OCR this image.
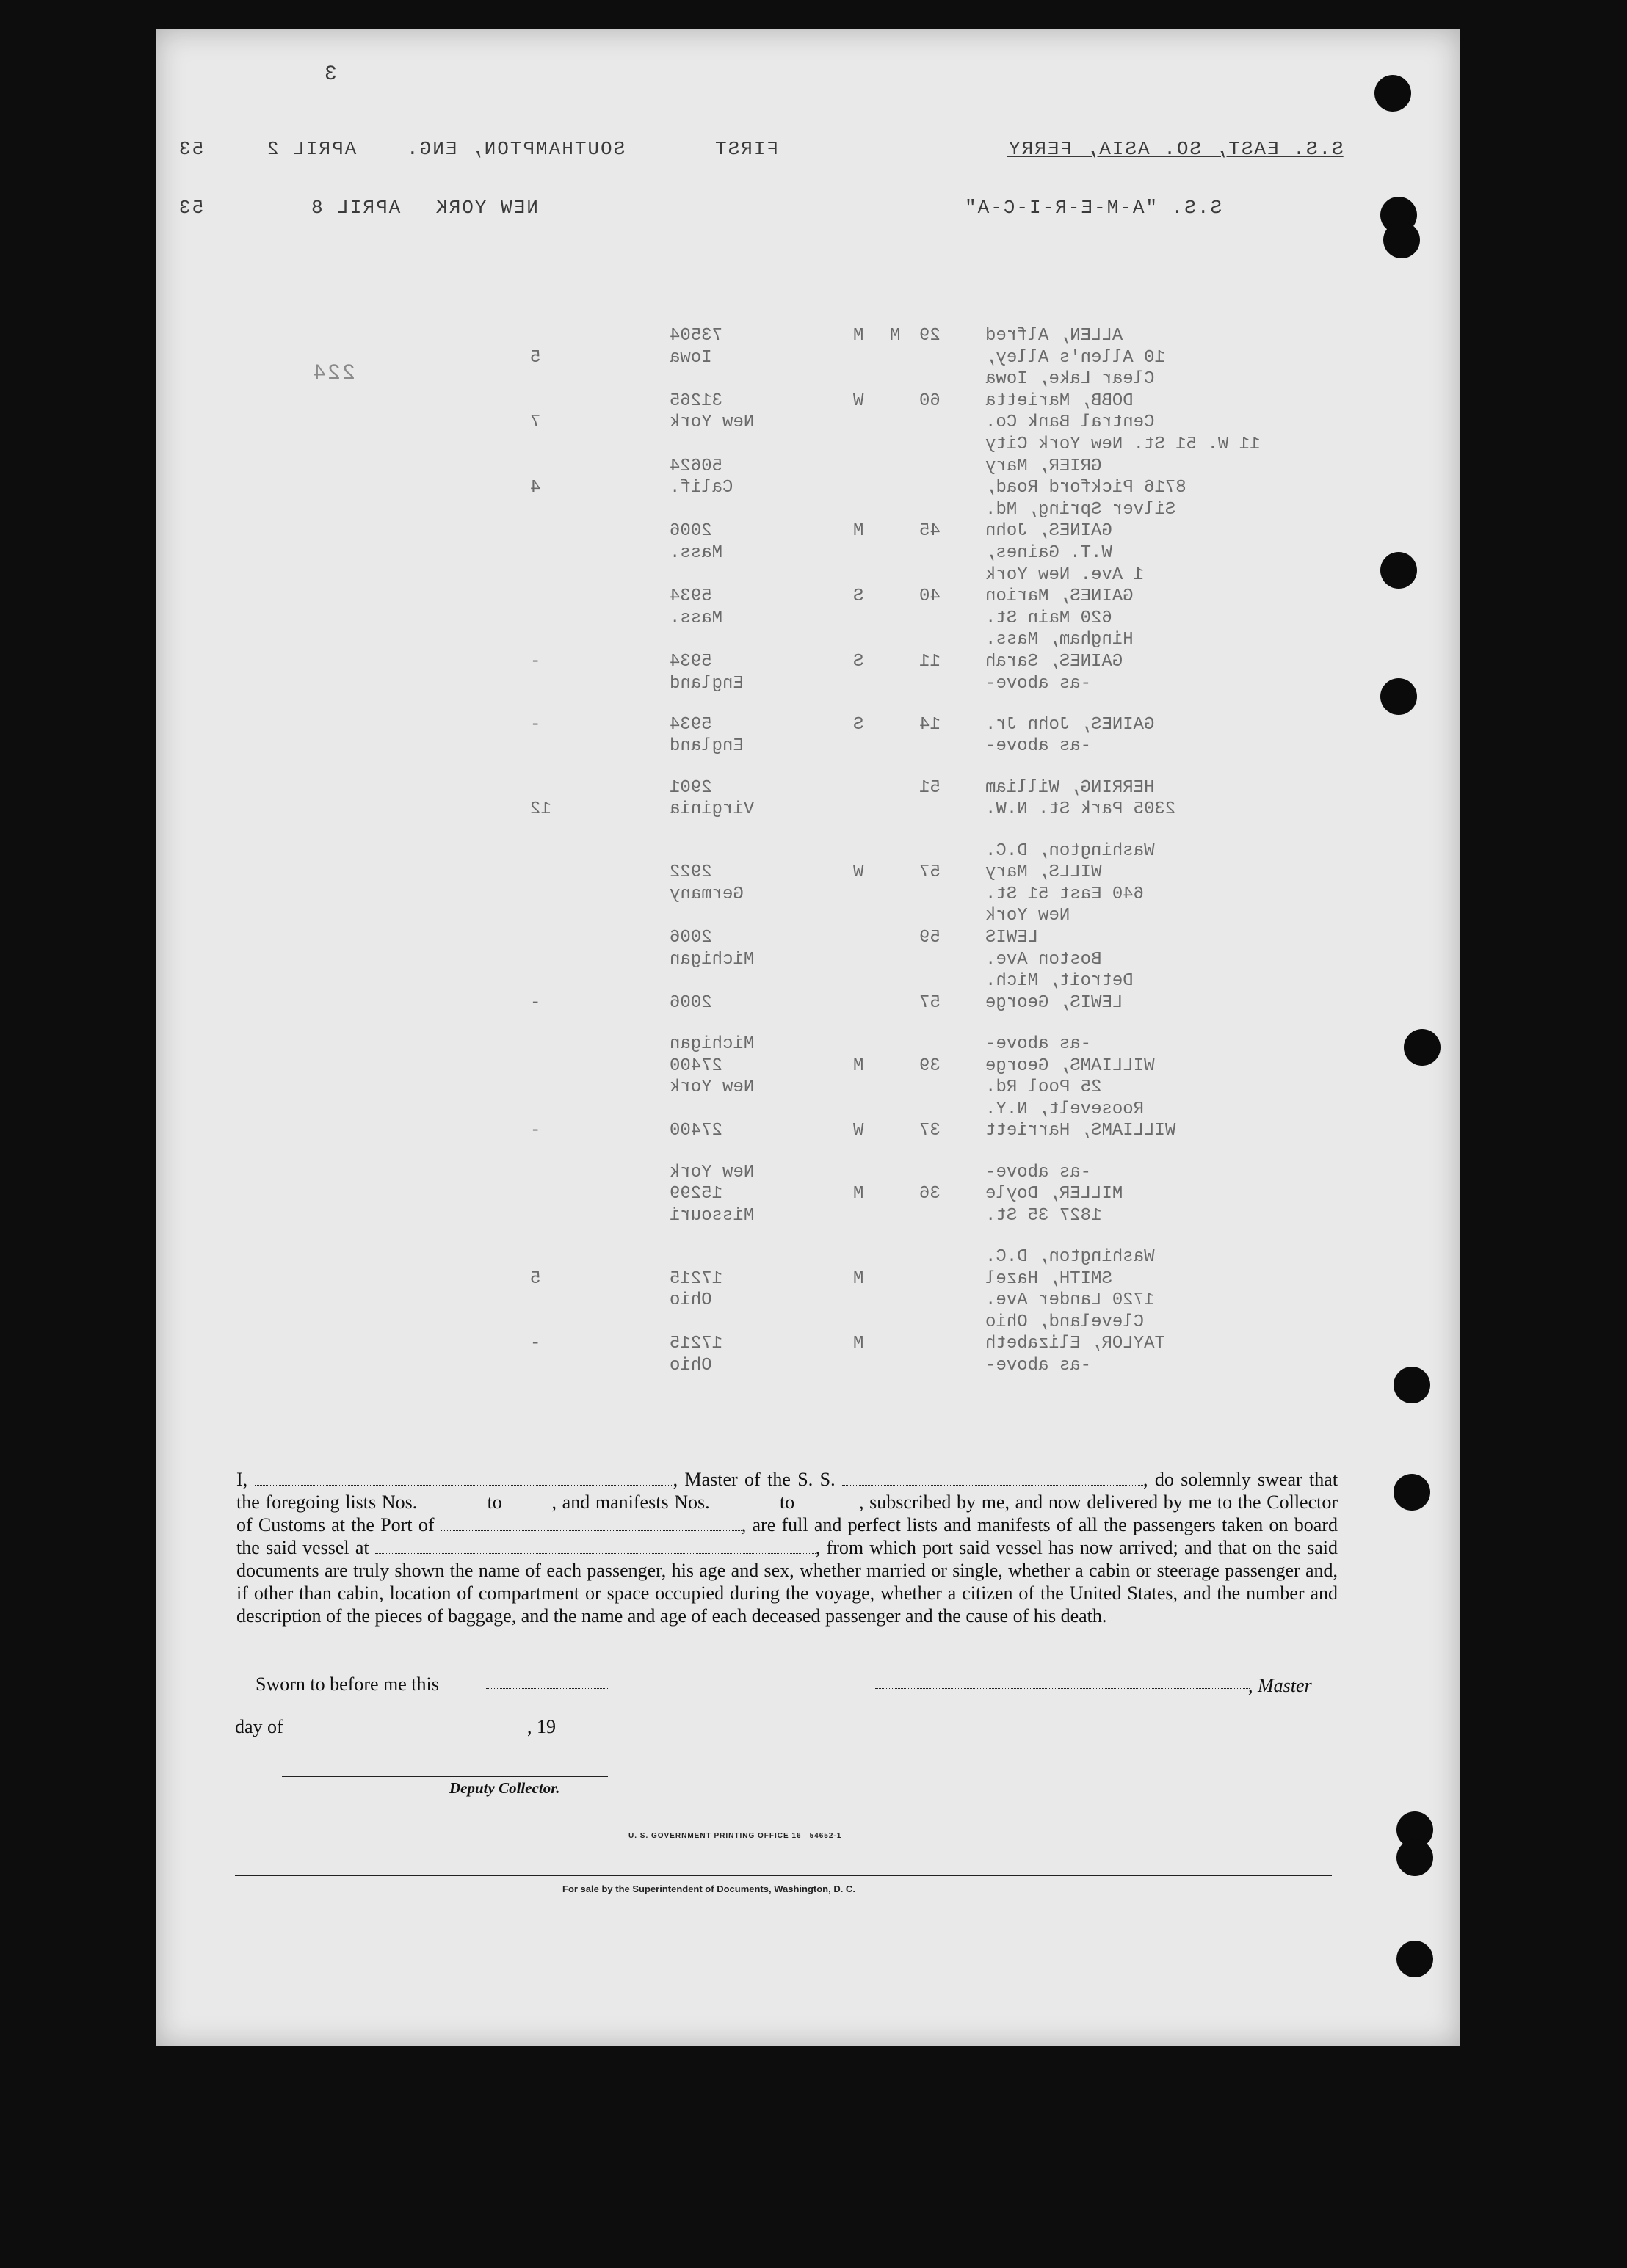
3
53	APRIL 2	SOUTHAMPTON, ENG.	FIRST	S.S. EAST, SO. ASIA, FERRY
53	APRIL 8 NEW YORK	S.S. "A-M-E-R-I-C-A"
224
73504	M M 29	ALLEN, Alfred
5	Iowa	10 Allen's Alley,
Clear Lake, Iowa
31265	W	60	DOBB, Marietta
7	New York	Central Bank Co.
11 W. 51 St. New York City
50624	GRIER, Mary
4	Calif.	8716 Pickford Road,
Silver Spring, Md.
2006	M	45	GAINES, John
Mass.	W.T. Gaines,
1 Ave. New York
5934	S	40	GAINES, Marion
Mass.	620 Main St.
Hingham, Mass.
-	5934	S	11	GAINES, Sarah
England	-as above-
-	5934	S	14	GAINES, John Jr.
England	-as above-
2901	51	HERRING, William
12	Virginia	2305 Park St. N.W.
Washington, D.C.
2922	W	57	WILLS, Mary
Germany	640 East 51 St.
New York
2006	59	LEWIS
Michigan	Boston Ave.
Detroit, Mich.
-	2006	57	LEWIS, George
Michigan	-as above-
27400	M	39	WILLIAMS, George
New York	25 Pool Rd.
Roosevelt, N.Y.
-	27400	W	37	WILLIAMS, Harriett
New York	-as above-
15299	M	36	MILLER, Doyle
Missouri	1827 35 St.
Washington, D.C.
5	17215	M	SMITH, Hazel
Ohio	1720 Lander Ave.
Cleveland, Ohio
-	17215	M	TAYLOR, Elizabeth
Ohio	-as above-
I,	, Master of the S. S.	, do solemnly swear that the foregoing lists Nos.	to	, and manifests Nos.	to	, subscribed by me, and now delivered by me to the Collector of Customs at the Port of	, are full and perfect lists and manifests of all the passengers taken on board the said vessel at	, from which port said vessel has now arrived; and that on the said documents are truly shown the name of each passenger, his age and sex, whether married or single, whether a cabin or steerage passenger and, if other than cabin, location of compartment or space occupied during the voyage, whether a citizen of the United States, and the number and description of the pieces of baggage, and the name and age of each deceased passenger and the cause of his death.
Sworn to before me this	, Master
day of	, 19
Deputy Collector.
U. S. GOVERNMENT PRINTING OFFICE 16—54652-1
For sale by the Superintendent of Documents, Washington, D. C.
